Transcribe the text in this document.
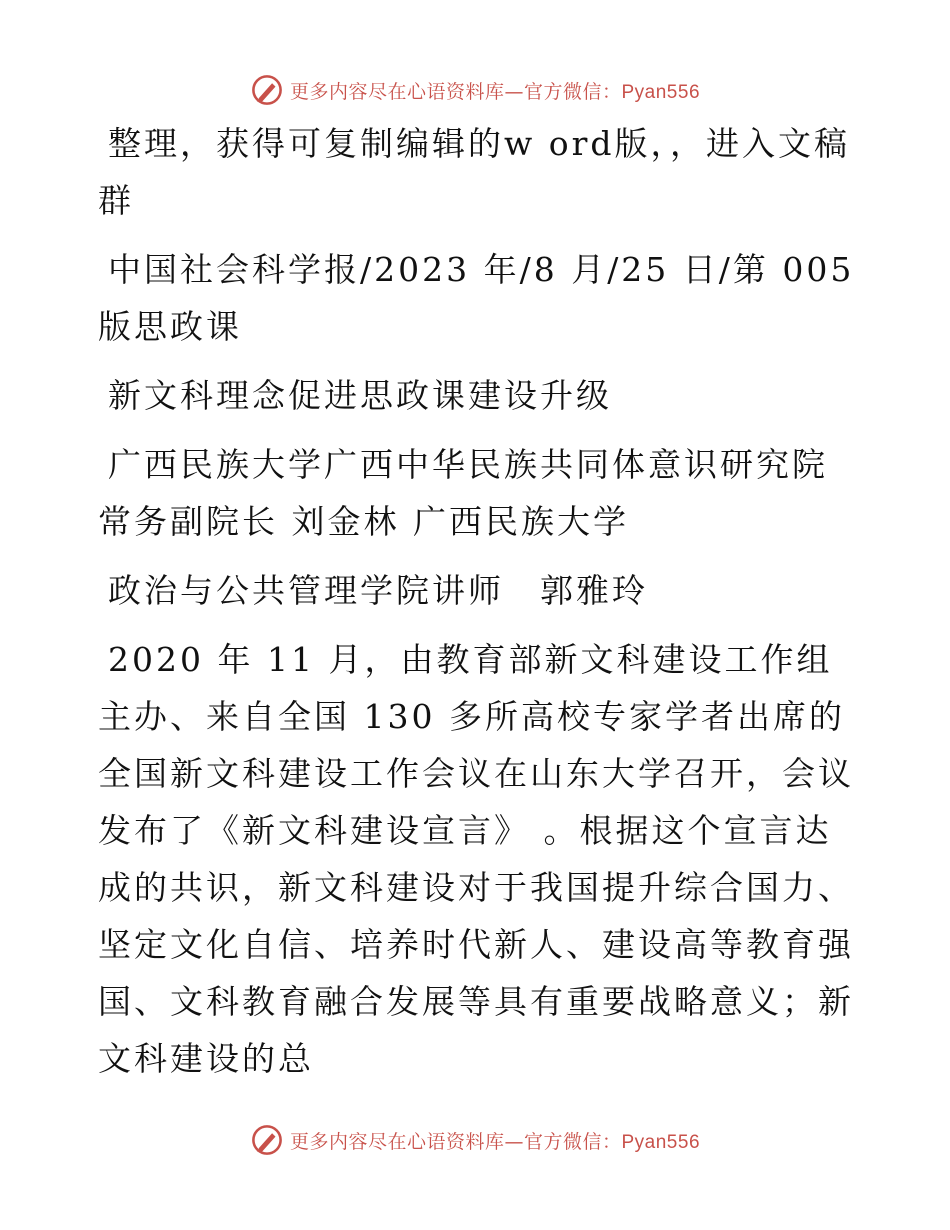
更多内容尽在心语资料库—官方微信：Pyan556

整理，获得可复制编辑的w ord版，，进入文稿群

中国社会科学报/2023 年/8 月/25 日/第 005 版思政课

新文科理念促进思政课建设升级

广西民族大学广西中华民族共同体意识研究院常务副院长 刘金林 广西民族大学

政治与公共管理学院讲师　郭雅玲

2020 年 11 月，由教育部新文科建设工作组主办、来自全国 130 多所高校专家学者出席的全国新文科建设工作会议在山东大学召开，会议发布了《新文科建设宣言》 。根据这个宣言达成的共识，新文科建设对于我国提升综合国力、坚定文化自信、培养时代新人、建设高等教育强国、文科教育融合发展等具有重要战略意义；新文科建设的总

更多内容尽在心语资料库—官方微信：Pyan556
